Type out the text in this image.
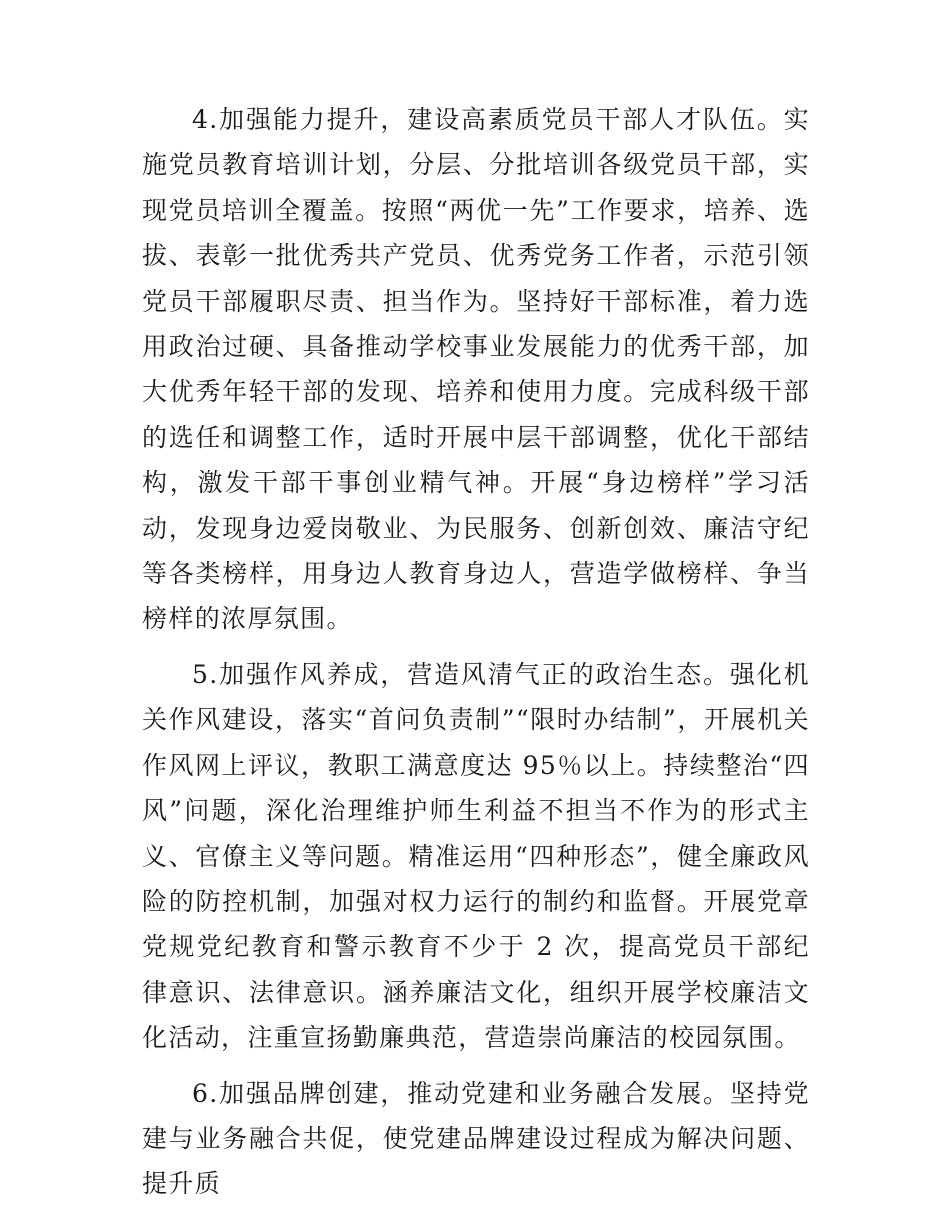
4.加强能力提升，建设高素质党员干部人才队伍。实施党员教育培训计划，分层、分批培训各级党员干部，实现党员培训全覆盖。按照“两优一先”工作要求，培养、选拔、表彰一批优秀共产党员、优秀党务工作者，示范引领党员干部履职尽责、担当作为。坚持好干部标准，着力选用政治过硬、具备推动学校事业发展能力的优秀干部，加大优秀年轻干部的发现、培养和使用力度。完成科级干部的选任和调整工作，适时开展中层干部调整，优化干部结构，激发干部干事创业精气神。开展“身边榜样”学习活动，发现身边爱岗敬业、为民服务、创新创效、廉洁守纪等各类榜样，用身边人教育身边人，营造学做榜样、争当榜样的浓厚氛围。

5.加强作风养成，营造风清气正的政治生态。强化机关作风建设，落实“首问负责制”“限时办结制”，开展机关作风网上评议，教职工满意度达 95％以上。持续整治“四风”问题，深化治理维护师生利益不担当不作为的形式主义、官僚主义等问题。精准运用“四种形态”，健全廉政风险的防控机制，加强对权力运行的制约和监督。开展党章党规党纪教育和警示教育不少于 2 次，提高党员干部纪律意识、法律意识。涵养廉洁文化，组织开展学校廉洁文化活动，注重宣扬勤廉典范，营造崇尚廉洁的校园氛围。

6.加强品牌创建，推动党建和业务融合发展。坚持党建与业务融合共促，使党建品牌建设过程成为解决问题、提升质
